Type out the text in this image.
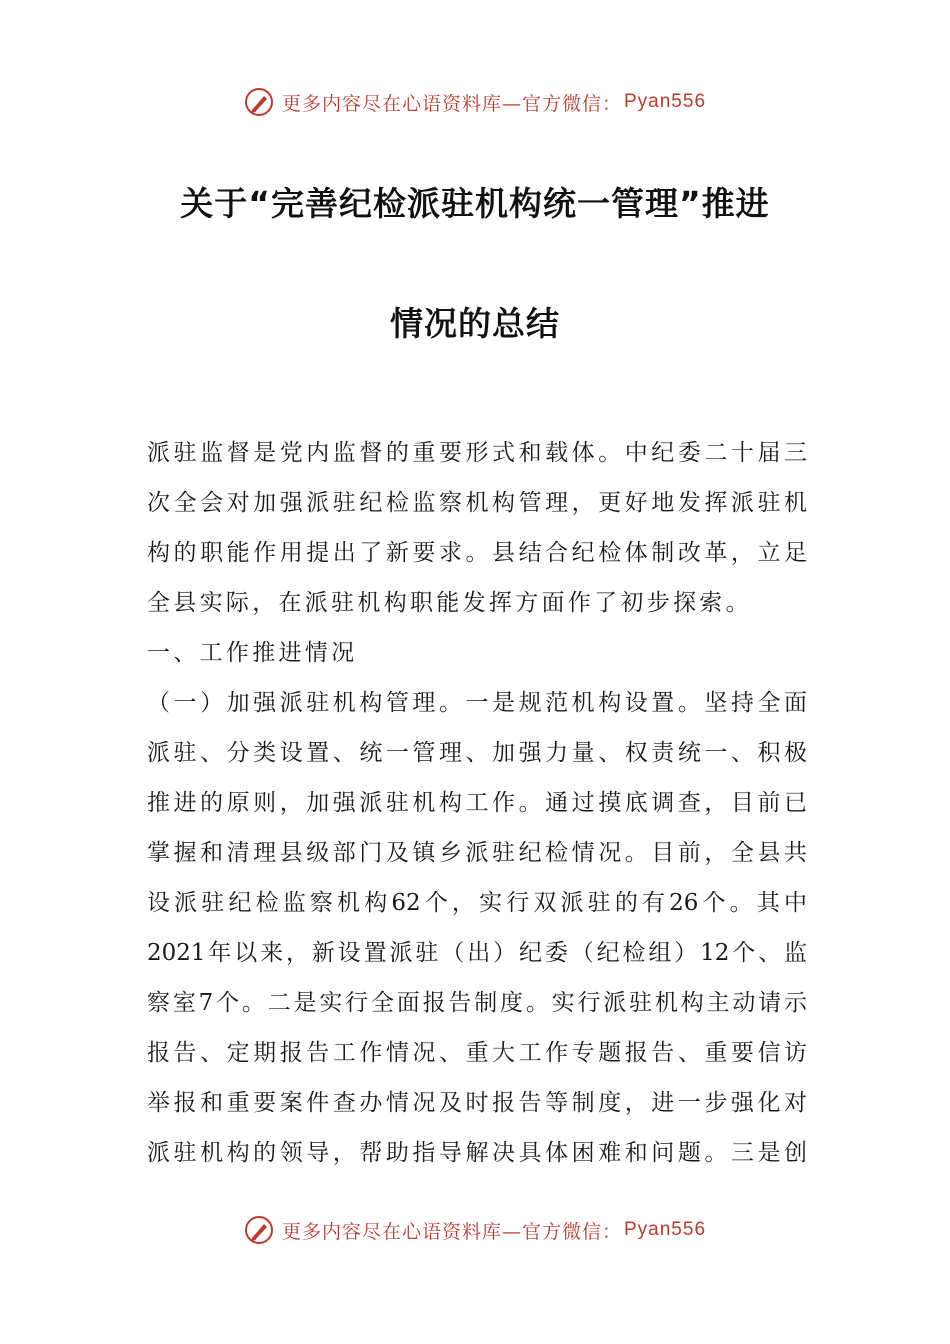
更多内容尽在心语资料库—官方微信： Pyan556
关于“完善纪检派驻机构统一管理”推进
情况的总结
派驻监督是党内监督的重要形式和载体。中纪委二十届三
次全会对加强派驻纪检监察机构管理，更好地发挥派驻机
构的职能作用提出了新要求。县结合纪检体制改革，立足
全县实际，在派驻机构职能发挥方面作了初步探索。
一、工作推进情况
（一）加强派驻机构管理。一是规范机构设置。坚持全面
派驻、分类设置、统一管理、加强力量、权责统一、积极
推进的原则，加强派驻机构工作。通过摸底调查，目前已
掌握和清理县级部门及镇乡派驻纪检情况。目前，全县共
设派驻纪检监察机构62个，实行双派驻的有26个。其中
2021年以来，新设置派驻（出）纪委（纪检组）12个、监
察室7个。二是实行全面报告制度。实行派驻机构主动请示
报告、定期报告工作情况、重大工作专题报告、重要信访
举报和重要案件查办情况及时报告等制度，进一步强化对
派驻机构的领导，帮助指导解决具体困难和问题。三是创
更多内容尽在心语资料库—官方微信： Pyan556
